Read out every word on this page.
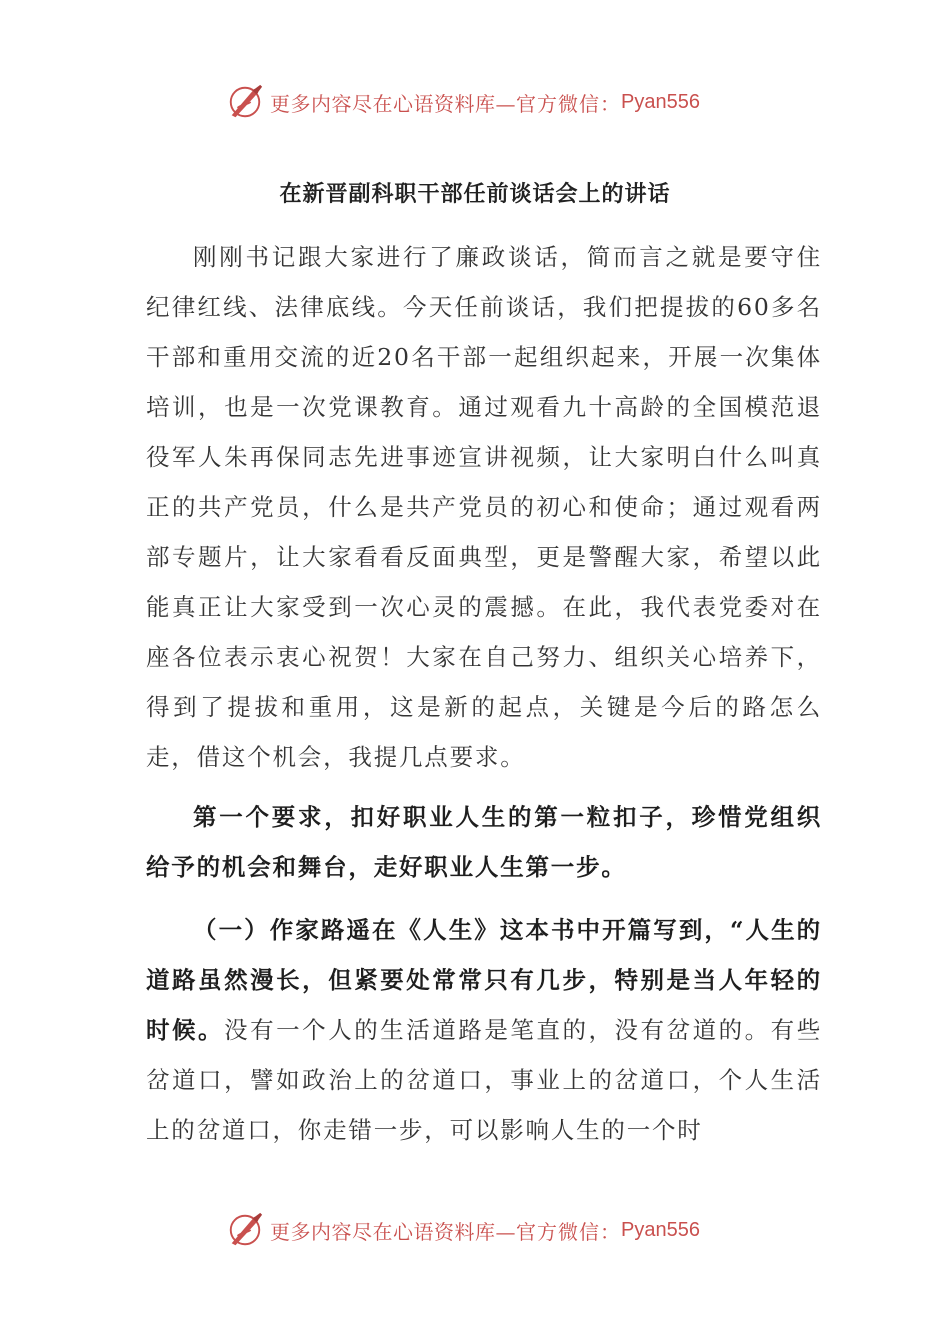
更多内容尽在心语资料库— 官方微信： Pyan556
在新晋副科职干部任前谈话会上的讲话

刚刚书记跟大家进行了廉政谈话，简而言之就是要守住纪律红线、法律底线。今天任前谈话，我们把提拔的60多名干部和重用交流的近20名干部一起组织起来，开展一次集体培训，也是一次党课教育。通过观看九十高龄的全国模范退役军人朱再保同志先进事迹宣讲视频，让大家明白什么叫真正的共产党员，什么是共产党员的初心和使命；通过观看两部专题片，让大家看看反面典型，更是警醒大家，希望以此能真正让大家受到一次心灵的震撼。在此，我代表党委对在座各位表示衷心祝贺！大家在自己努力、组织关心培养下，得到了提拔和重用，这是新的起点，关键是今后的路怎么走，借这个机会，我提几点要求。

第一个要求，扣好职业人生的第一粒扣子，珍惜党组织给予的机会和舞台，走好职业人生第一步。

（一）作家路遥在《人生》这本书中开篇写到，“人生的道路虽然漫长，但紧要处常常只有几步，特别是当人年轻的时候。没有一个人的生活道路是笔直的，没有岔道的。有些岔道口，譬如政治上的岔道口，事业上的岔道口，个人生活上的岔道口，你走错一步，可以影响人生的一个时

更多内容尽在心语资料库— 官方微信： Pyan556
